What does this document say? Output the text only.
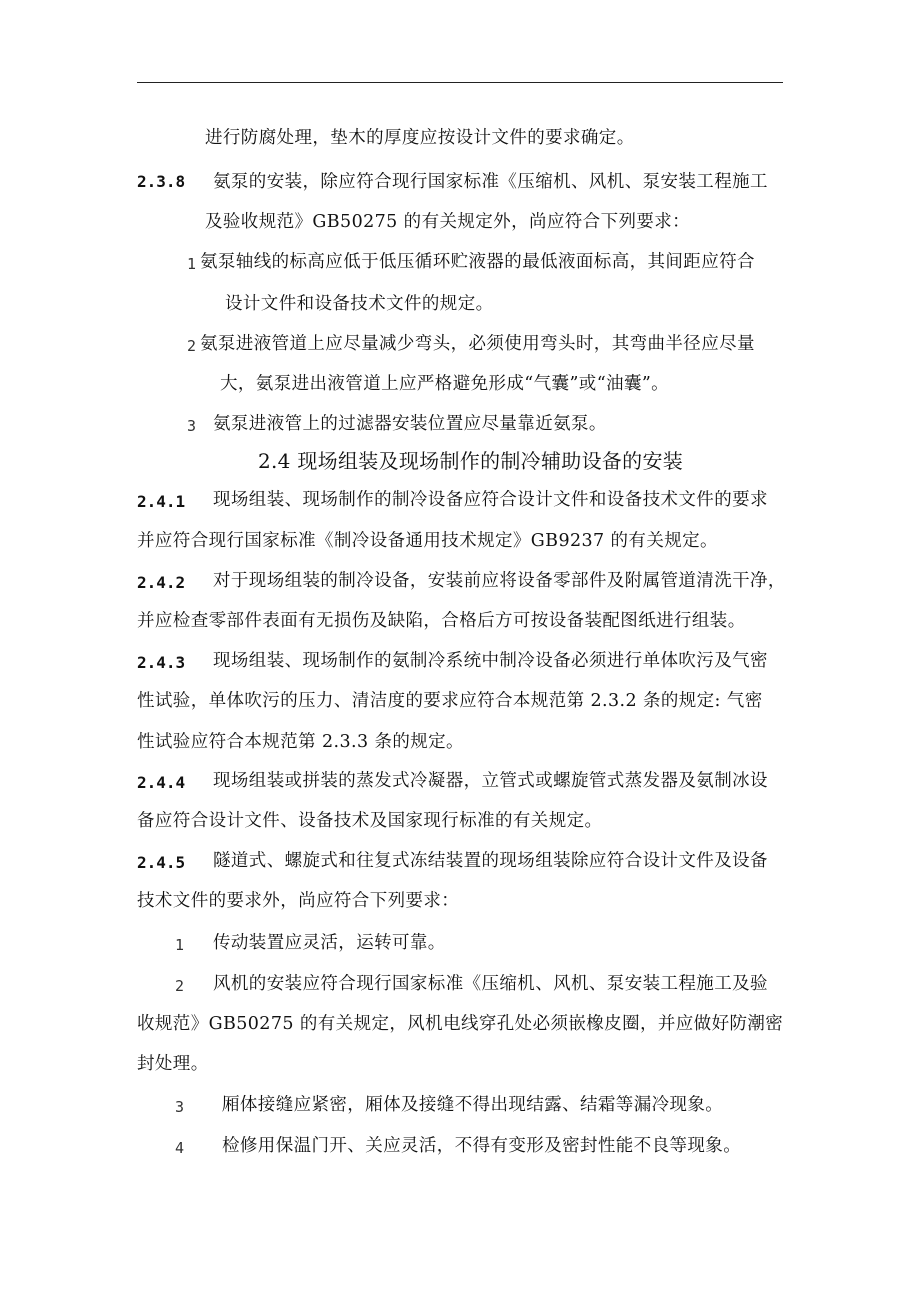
进行防腐处理，垫木的厚度应按设计文件的要求确定。
2.3.8 氨泵的安装，除应符合现行国家标准《压缩机、风机、泵安装工程施工
及验收规范》GB50275 的有关规定外，尚应符合下列要求：
1 氨泵轴线的标高应低于低压循环贮液器的最低液面标高，其间距应符合
设计文件和设备技术文件的规定。
2 氨泵进液管道上应尽量减少弯头，必须使用弯头时，其弯曲半径应尽量
大，氨泵进出液管道上应严格避免形成“气囊”或“油囊”。
3 氨泵进液管上的过滤器安装位置应尽量靠近氨泵。
2.4 现场组装及现场制作的制冷辅助设备的安装
2.4.1 现场组装、现场制作的制冷设备应符合设计文件和设备技术文件的要求
并应符合现行国家标准《制冷设备通用技术规定》GB9237 的有关规定。
2.4.2 对于现场组装的制冷设备，安装前应将设备零部件及附属管道清洗干净，
并应检查零部件表面有无损伤及缺陷，合格后方可按设备装配图纸进行组装。
2.4.3 现场组装、现场制作的氨制冷系统中制冷设备必须进行单体吹污及气密
性试验，单体吹污的压力、清洁度的要求应符合本规范第 2.3.2 条的规定: 气密
性试验应符合本规范第 2.3.3 条的规定。
2.4.4 现场组装或拼装的蒸发式冷凝器，立管式或螺旋管式蒸发器及氨制冰设
备应符合设计文件、设备技术及国家现行标准的有关规定。
2.4.5 隧道式、螺旋式和往复式冻结装置的现场组装除应符合设计文件及设备
技术文件的要求外，尚应符合下列要求：
1 传动装置应灵活，运转可靠。
2 风机的安装应符合现行国家标准《压缩机、风机、泵安装工程施工及验
收规范》GB50275 的有关规定，风机电线穿孔处必须嵌橡皮圈，并应做好防潮密
封处理。
3 厢体接缝应紧密，厢体及接缝不得出现结露、结霜等漏冷现象。
4 检修用保温门开、关应灵活，不得有变形及密封性能不良等现象。
